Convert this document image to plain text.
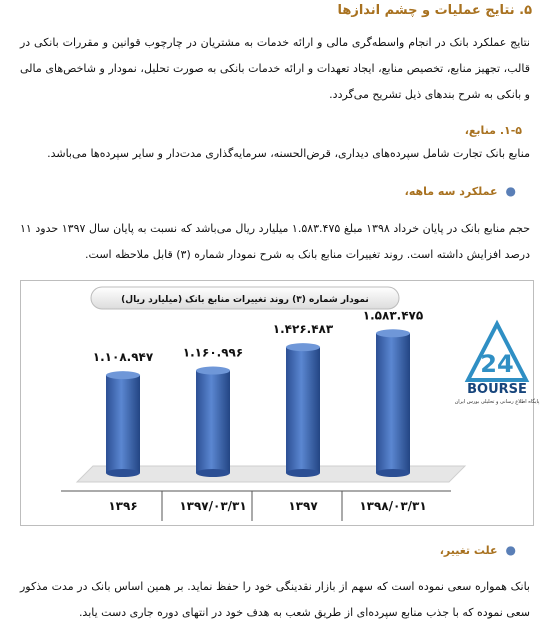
۵. نتایج عملیات و چشم اندازها
نتایج عملکرد بانک در انجام واسطه‌گری مالی و ارائه خدمات به مشتریان در چارچوب قوانین و مقررات بانکی در قالب، تجهیز منابع، تخصیص منابع، ایجاد تعهدات و ارائه خدمات بانکی به صورت تحلیل، نمودار و شاخص‌های مالی و بانکی به شرح بندهای ذیل تشریح می‌گردد.
۱-۵. منابع،
منابع بانک تجارت شامل سپرده‌های دیداری، قرض‌الحسنه، سرمایه‌گذاری مدت‌دار و سایر سپرده‌ها می‌باشد.
●عملکرد سه ماهه،
حجم منابع بانک در پایان خرداد ۱۳۹۸ مبلغ ۱.۵۸۳.۴۷۵ میلیارد ریال می‌باشد که نسبت به پایان سال ۱۳۹۷ حدود ۱۱ درصد افزایش داشته است. روند تغییرات منابع بانک به شرح نمودار شماره (۳) قابل ملاحظه است.
نمودار شماره (۳) روند تغییرات منابع بانک (میلیارد ریال)
۱.۱۰۸.۹۴۷
۱۳۹۶
۱.۱۶۰.۹۹۶
۱۳۹۷/۰۳/۳۱
۱.۴۲۶.۴۸۳
۱۳۹۷
۱.۵۸۳.۴۷۵
۱۳۹۸/۰۳/۳۱
24
BOURSE
پایگاه اطلاع رسانی و تحلیلی بورس ایران
●علت تغییر،
بانک همواره سعی نموده است که سهم از بازار نقدینگی خود را حفظ نماید. بر همین اساس بانک در مدت مذکور سعی نموده که با جذب منابع سپرده‌ای از طریق شعب به هدف خود در انتهای دوره جاری دست یابد.
